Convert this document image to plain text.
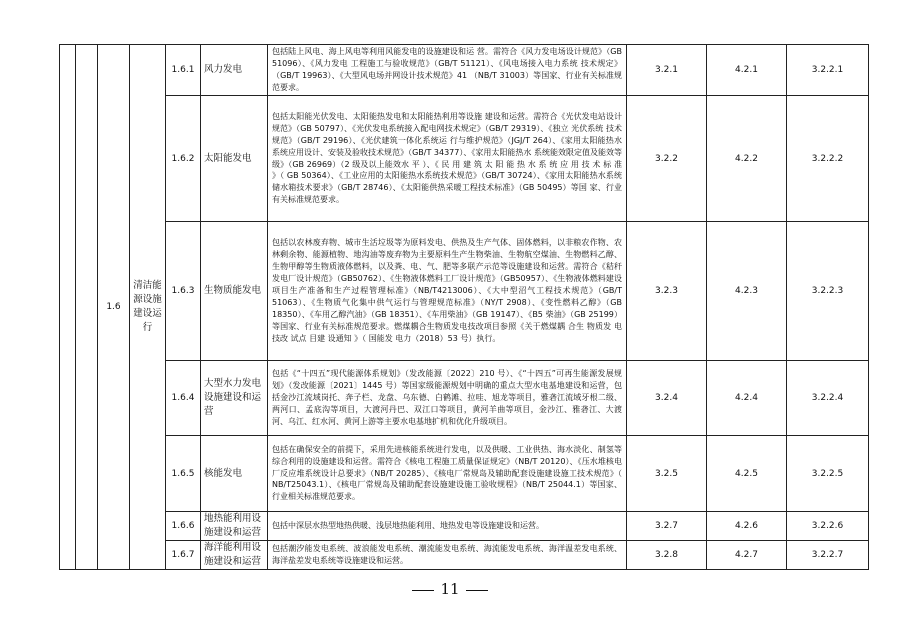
		1.6	清洁能源设施建设运行	1.6.1	风力发电	包括陆上风电、海上风电等利用风能发电的设施建设和运 营。需符合《风力发电场设计规范》（GB 51096）、《风力发电 工程施工与验收规范》（GB/T 51121）、《风电场接入电力系统 技术规定》（GB/T 19963）、《大型风电场并网设计技术规范》41 （NB/T 31003）等国家、行业有关标准规范要求。	3.2.1	4.2.1	3.2.2.1
				1.6.2	太阳能发电	包括太阳能光伏发电、太阳能热发电和太阳能热利用等设施 建设和运营。需符合《光伏发电站设计规范》（GB 50797）、《光伏发电系统接入配电网技术规定》（GB/T 29319）、《独立 光伏系统 技术规范》（GB/T 29196）、《光伏建筑一体化系统运 行与维护规范》（JGJ/T 264）、《家用太阳能热水系统应用设计、安装及验收技术规范》（GB/T 34377）、《家用太阳能热水 系统能效限定值及能效等级》（GB 26969）（2 级及以上能效水 平 ）、《 民 用 建 筑 太 阳 能 热 水 系 统 应 用 技 术 标 准 》（ GB 50364）、《工业应用的太阳能热水系统技术规范》（GB/T 30724）、《家用太阳能热水系统储水箱技术要求》（GB/T 28746）、《太阳能供热采暖工程技术标准》（GB 50495）等国 家、行业有关标准规范要求。	3.2.2	4.2.2	3.2.2.2
				1.6.3	生物质能发电	包括以农林废弃物、城市生活垃圾等为原料发电、供热及生产气体、固体燃料，以非粮农作物、农林剩余物、能源植物、地沟油等废弃物为主要原料生产生物柴油、生物航空煤油、生物燃料乙醇、生物甲醇等生物质液体燃料，以及粪、电、气、肥等多联产示范等设施建设和运营。需符合《秸秆发电厂设计规范》（GB50762）、《生物液体燃料工厂设计规范》（GB50957）、《生物液体燃料建设项目生产准备和生产过程管理标准》（NB/T4213006）、《大中型沼气工程技术规范》（GB/T 51063）、《生物质气化集中供气运行与管理规范标准》（NY/T 2908）、《变性燃料乙醇》（GB 18350）、《车用乙醇汽油》（GB 18351）、《车用柴油》（GB 19147）、《B5 柴油》（GB 25199）等国家、行业有关标准规范要求。燃煤耦合生物质发电技改项目参照《关于燃煤耦 合生 物质发 电技改 试点 目建 设通知 》（ 国能发 电力（2018）53 号）执行。	3.2.3	4.2.3	3.2.2.3
				1.6.4	大型水力发电设施建设和运营	包括《“十四五”现代能源体系规划》（发改能源〔2022〕210 号）、《“十四五”可再生能源发展规划》（发改能源〔2021〕1445 号）等国家级能源规划中明确的重点大型水电基地建设和运营，包括金沙江流域岗托、奔子栏、龙盘、乌东德、白鹤滩、拉哇、旭龙等项目，雅砻江流域牙根二级、两河口、孟底沟等项目，大渡河丹巴、双江口等项目，黄河羊曲等项目，金沙江、雅砻江、大渡河、乌江、红水河、黄河上游等主要水电基地扩机和优化升级项目。	3.2.4	4.2.4	3.2.2.4
				1.6.5	核能发电	包括在确保安全的前提下，采用先进核能系统进行发电，以及供暖、工业供热、海水淡化、制氢等综合利用的设施建设和运营。需符合《核电工程施工质量保证规定》（NB/T 20120）、《压水堆核电厂反应堆系统设计总要求》（NB/T 20285）、《核电厂常规岛及辅助配套设施建设施工技术规范》（ NB/T25043.1）、《核电厂常规岛及辅助配套设施建设施工验收规程》（NB/T 25044.1）等国家、行业相关标准规范要求。	3.2.5	4.2.5	3.2.2.5
				1.6.6	地热能利用设施建设和运营	包括中深层水热型地热供暖、浅层地热能利用、地热发电等设施建设和运营。	3.2.7	4.2.6	3.2.2.6
				1.6.7	海洋能利用设施建设和运营	包括潮汐能发电系统、波浪能发电系统、潮流能发电系统、海流能发电系统、海洋温差发电系统、海洋盐差发电系统等设施建设和运营。	3.2.8	4.2.7	3.2.2.7
11
